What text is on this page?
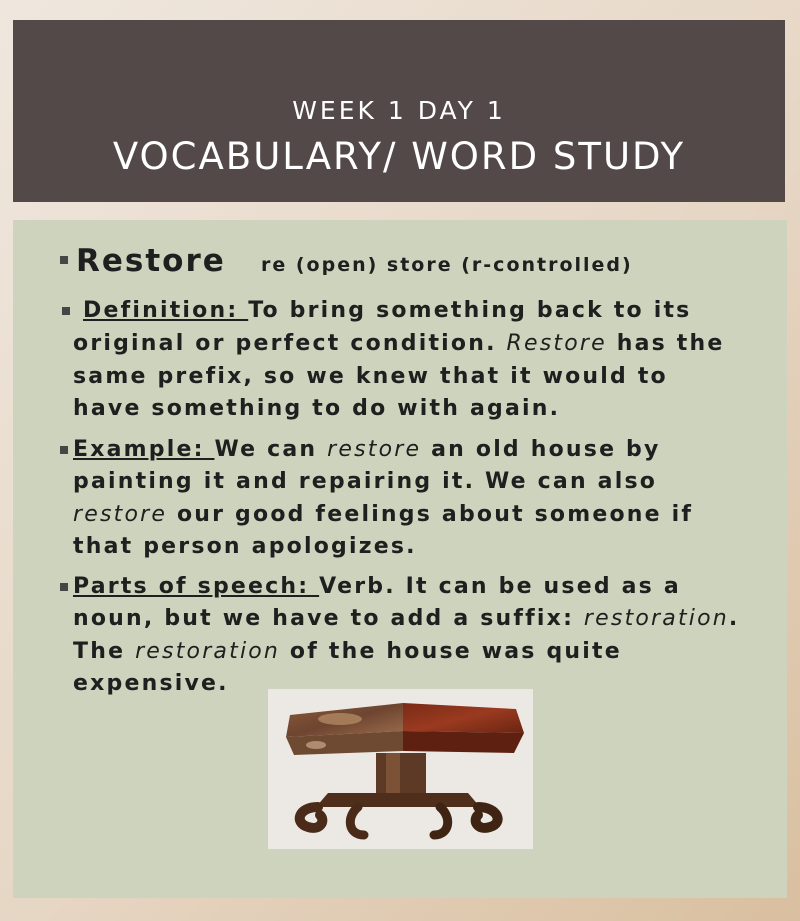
WEEK 1 DAY 1
VOCABULARY/ WORD STUDY
Restore re (open) store (r-controlled)
Definition: To bring something back to its
original or perfect condition. Restore has the
same prefix, so we knew that it would to
have something to do with again.
Example: We can restore an old house by
painting it and repairing it. We can also
restore our good feelings about someone if
that person apologizes.
Parts of speech: Verb. It can be used as a
noun, but we have to add a suffix: restoration.
The restoration of the house was quite
expensive.
